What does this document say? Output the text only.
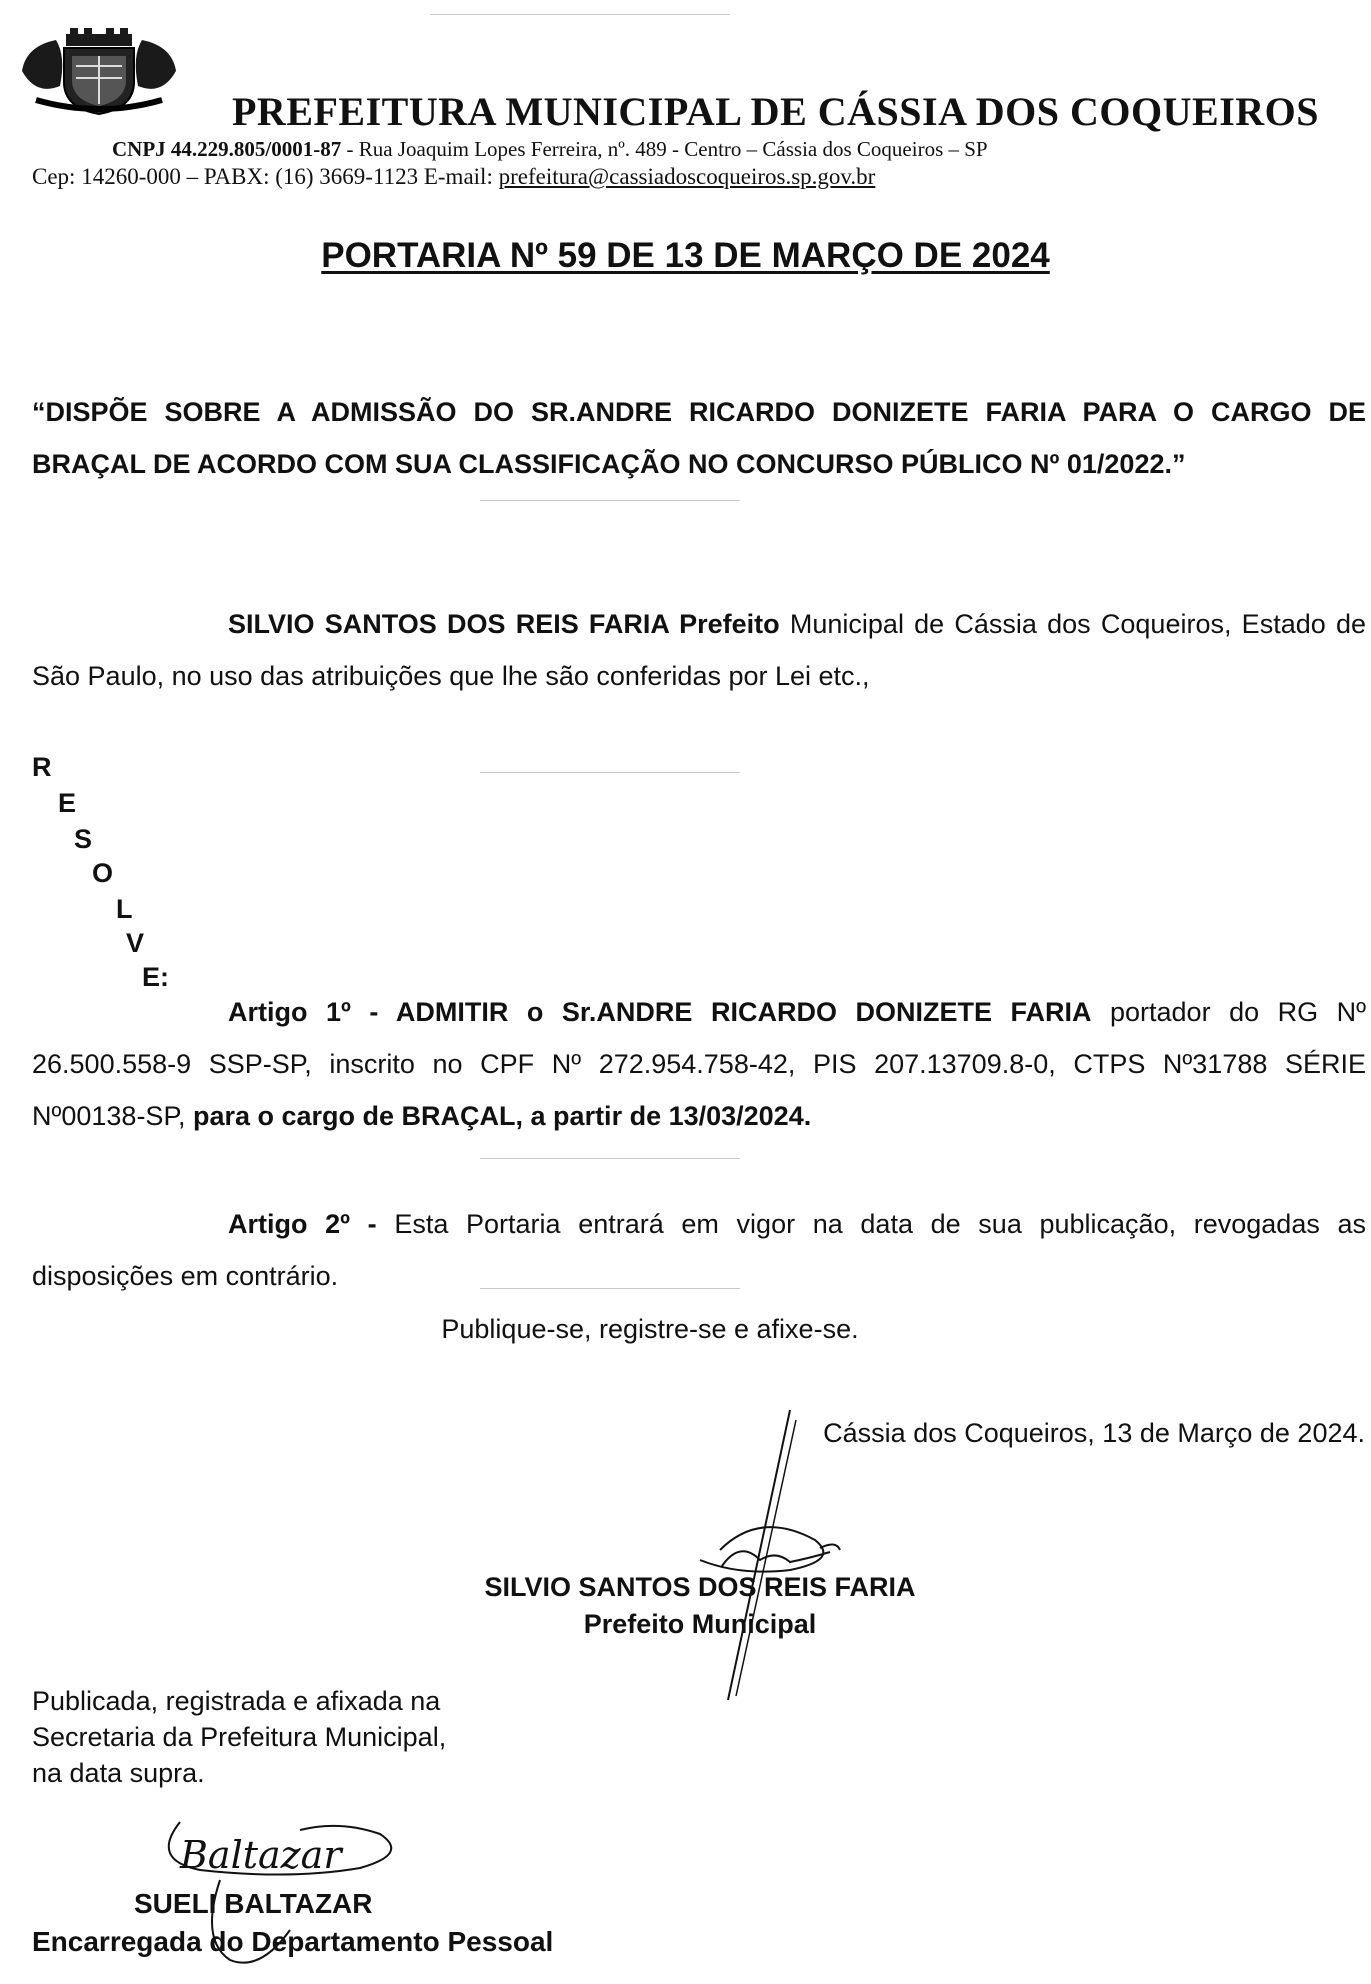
PREFEITURA MUNICIPAL DE CÁSSIA DOS COQUEIROS
CNPJ 44.229.805/0001-87 - Rua Joaquim Lopes Ferreira, nº. 489 - Centro – Cássia dos Coqueiros – SP
Cep: 14260-000 – PABX: (16) 3669-1123 E-mail: prefeitura@cassiadoscoqueiros.sp.gov.br
PORTARIA Nº 59 DE 13 DE MARÇO DE 2024
“DISPÕE SOBRE A ADMISSÃO DO SR.ANDRE RICARDO DONIZETE FARIA PARA O CARGO DE BRAÇAL DE ACORDO COM SUA CLASSIFICAÇÃO NO CONCURSO PÚBLICO Nº 01/2022.”
SILVIO SANTOS DOS REIS FARIA Prefeito Municipal de Cássia dos Coqueiros, Estado de São Paulo, no uso das atribuições que lhe são conferidas por Lei etc.,
R
E
S
O
L
V
E:
Artigo 1º - ADMITIR o Sr.ANDRE RICARDO DONIZETE FARIA portador do RG Nº 26.500.558-9 SSP-SP, inscrito no CPF Nº 272.954.758-42, PIS 207.13709.8-0, CTPS Nº31788 SÉRIE Nº00138-SP, para o cargo de BRAÇAL, a partir de 13/03/2024.
Artigo 2º - Esta Portaria entrará em vigor na data de sua publicação, revogadas as disposições em contrário.
Publique-se, registre-se e afixe-se.
Cássia dos Coqueiros, 13 de Março de 2024.
SILVIO SANTOS DOS REIS FARIA
Prefeito Municipal
Publicada, registrada e afixada na
Secretaria da Prefeitura Municipal,
na data supra.
Baltazar
SUELI BALTAZAR
Encarregada do Departamento Pessoal
